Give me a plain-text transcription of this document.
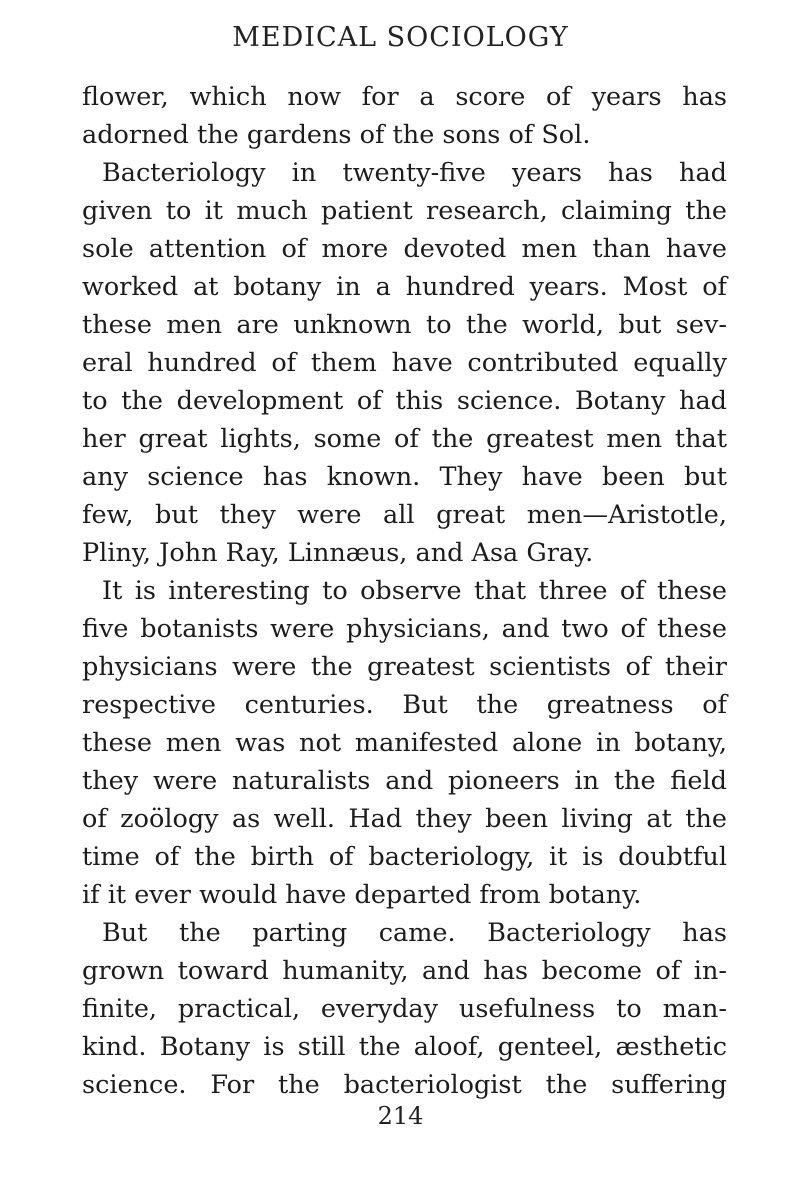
MEDICAL SOCIOLOGY
flower, which now for a score of years has
adorned the gardens of the sons of Sol.
Bacteriology in twenty-five years has had
given to it much patient research, claiming the
sole attention of more devoted men than have
worked at botany in a hundred years. Most of
these men are unknown to the world, but sev-
eral hundred of them have contributed equally
to the development of this science. Botany had
her great lights, some of the greatest men that
any science has known. They have been but
few, but they were all great men—Aristotle,
Pliny, John Ray, Linnæus, and Asa Gray.
It is interesting to observe that three of these
five botanists were physicians, and two of these
physicians were the greatest scientists of their
respective centuries. But the greatness of
these men was not manifested alone in botany,
they were naturalists and pioneers in the field
of zoölogy as well. Had they been living at the
time of the birth of bacteriology, it is doubtful
if it ever would have departed from botany.
But the parting came. Bacteriology has
grown toward humanity, and has become of in-
finite, practical, everyday usefulness to man-
kind. Botany is still the aloof, genteel, æsthetic
science. For the bacteriologist the suffering
214
